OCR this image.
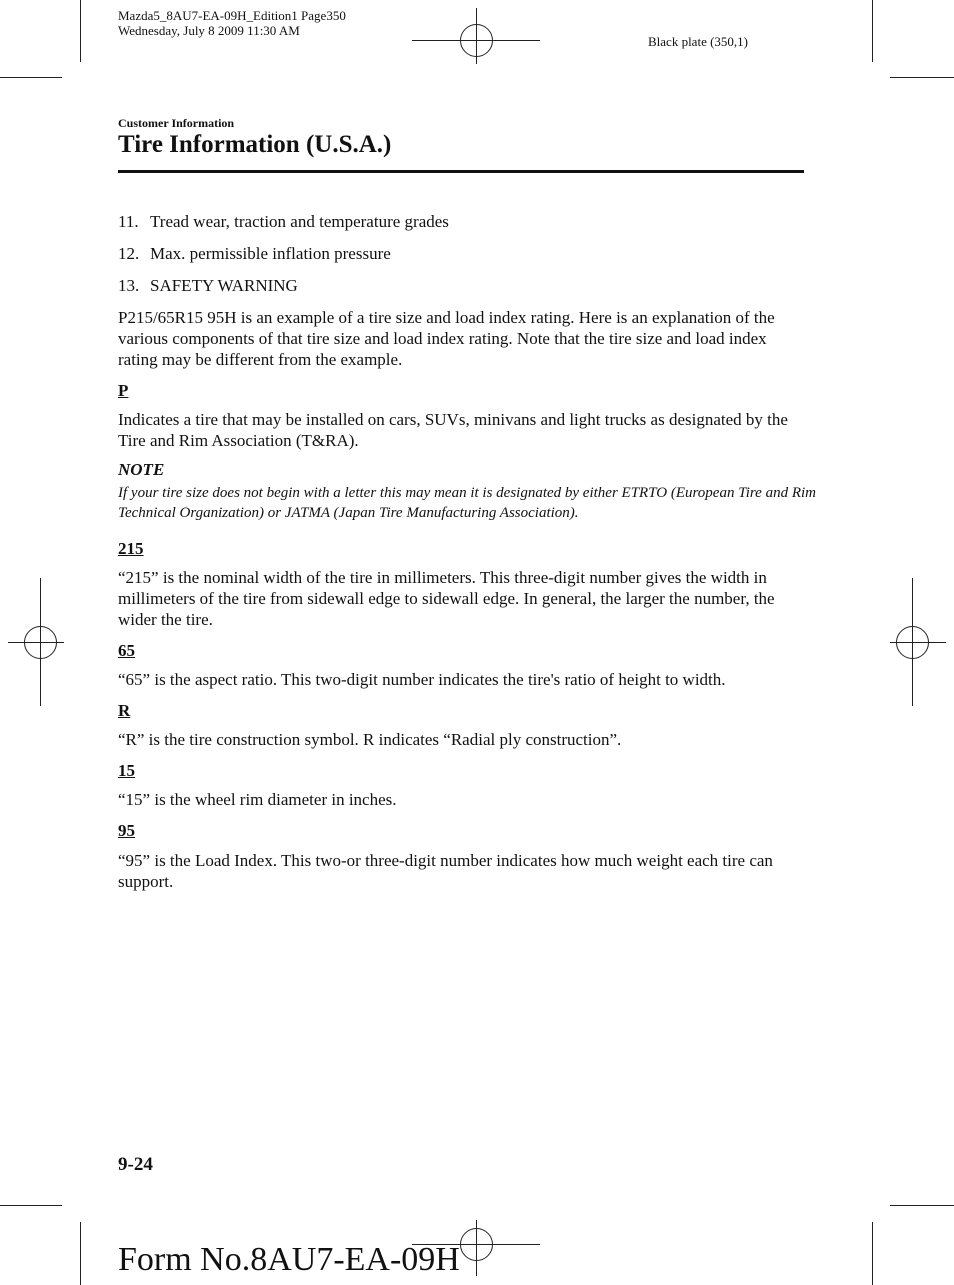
Mazda5_8AU7-EA-09H_Edition1 Page350
Wednesday, July 8 2009 11:30 AM
Black plate (350,1)
Customer Information
Tire Information (U.S.A.)
11. Tread wear, traction and temperature grades
12. Max. permissible inflation pressure
13. SAFETY WARNING
P215/65R15 95H is an example of a tire size and load index rating. Here is an explanation of the various components of that tire size and load index rating. Note that the tire size and load index rating may be different from the example.
P
Indicates a tire that may be installed on cars, SUVs, minivans and light trucks as designated by the Tire and Rim Association (T&RA).
NOTE
If your tire size does not begin with a letter this may mean it is designated by either ETRTO (European Tire and Rim Technical Organization) or JATMA (Japan Tire Manufacturing Association).
215
“215” is the nominal width of the tire in millimeters. This three-digit number gives the width in millimeters of the tire from sidewall edge to sidewall edge. In general, the larger the number, the wider the tire.
65
“65” is the aspect ratio. This two-digit number indicates the tire's ratio of height to width.
R
“R” is the tire construction symbol. R indicates “Radial ply construction”.
15
“15” is the wheel rim diameter in inches.
95
“95” is the Load Index. This two-or three-digit number indicates how much weight each tire can support.
9-24
Form No.8AU7-EA-09H
